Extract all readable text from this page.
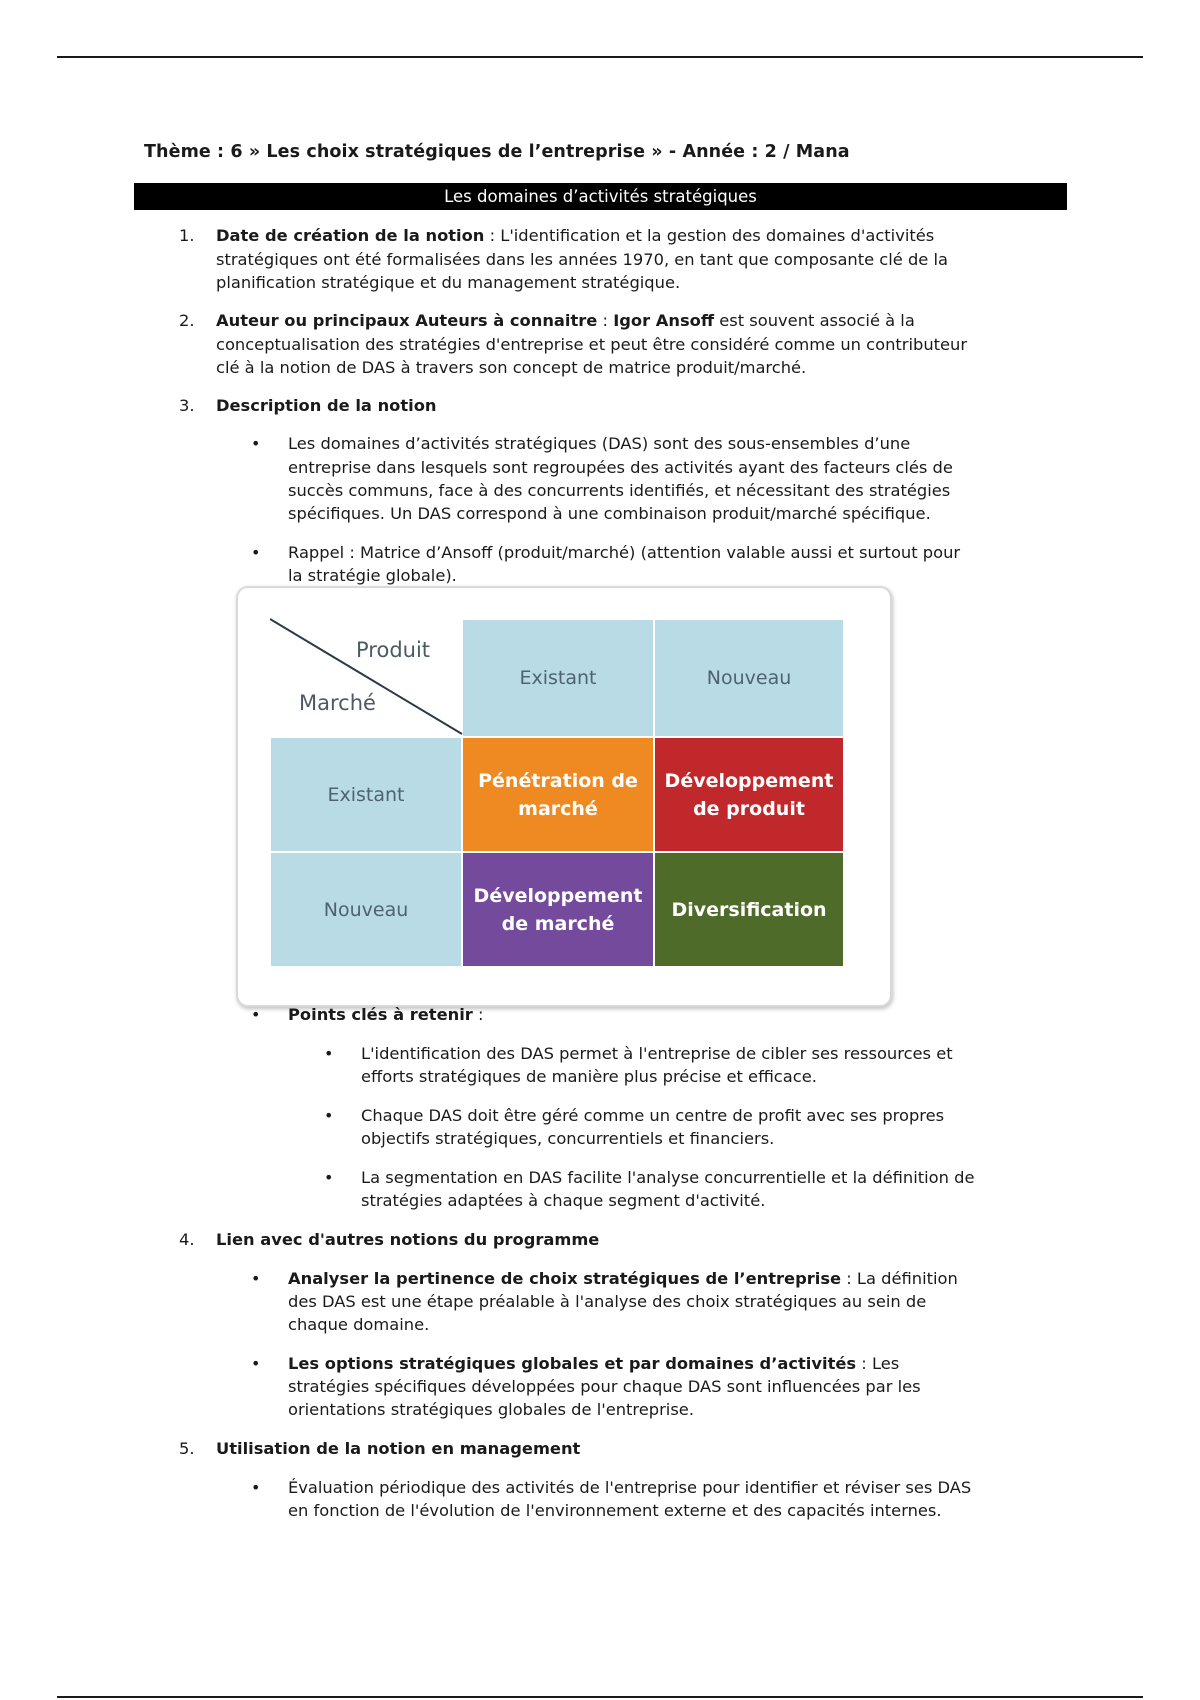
Thème : 6 » Les choix stratégiques de l’entreprise » - Année : 2 / Mana
Les domaines d’activités stratégiques
1. Date de création de la notion : L'identification et la gestion des domaines d'activités
stratégiques ont été formalisées dans les années 1970, en tant que composante clé de la
planification stratégique et du management stratégique.
2. Auteur ou principaux Auteurs à connaitre : Igor Ansoff est souvent associé à la
conceptualisation des stratégies d'entreprise et peut être considéré comme un contributeur
clé à la notion de DAS à travers son concept de matrice produit/marché.
3. Description de la notion
• Les domaines d’activités stratégiques (DAS) sont des sous-ensembles d’une
entreprise dans lesquels sont regroupées des activités ayant des facteurs clés de
succès communs, face à des concurrents identifiés, et nécessitant des stratégies
spécifiques. Un DAS correspond à une combinaison produit/marché spécifique.
• Rappel : Matrice d’Ansoff (produit/marché) (attention valable aussi et surtout pour
la stratégie globale).
Produit
Marché
Existant	Nouveau
Existant
Nouveau
Pénétration de
marché
Développement
de produit
Développement
de marché
Diversification
• Points clés à retenir :
• L'identification des DAS permet à l'entreprise de cibler ses ressources et
efforts stratégiques de manière plus précise et efficace.
• Chaque DAS doit être géré comme un centre de profit avec ses propres
objectifs stratégiques, concurrentiels et financiers.
• La segmentation en DAS facilite l'analyse concurrentielle et la définition de
stratégies adaptées à chaque segment d'activité.
4. Lien avec d'autres notions du programme
• Analyser la pertinence de choix stratégiques de l’entreprise : La définition
des DAS est une étape préalable à l'analyse des choix stratégiques au sein de
chaque domaine.
• Les options stratégiques globales et par domaines d’activités : Les
stratégies spécifiques développées pour chaque DAS sont influencées par les
orientations stratégiques globales de l'entreprise.
5. Utilisation de la notion en management
• Évaluation périodique des activités de l'entreprise pour identifier et réviser ses DAS
en fonction de l'évolution de l'environnement externe et des capacités internes.
